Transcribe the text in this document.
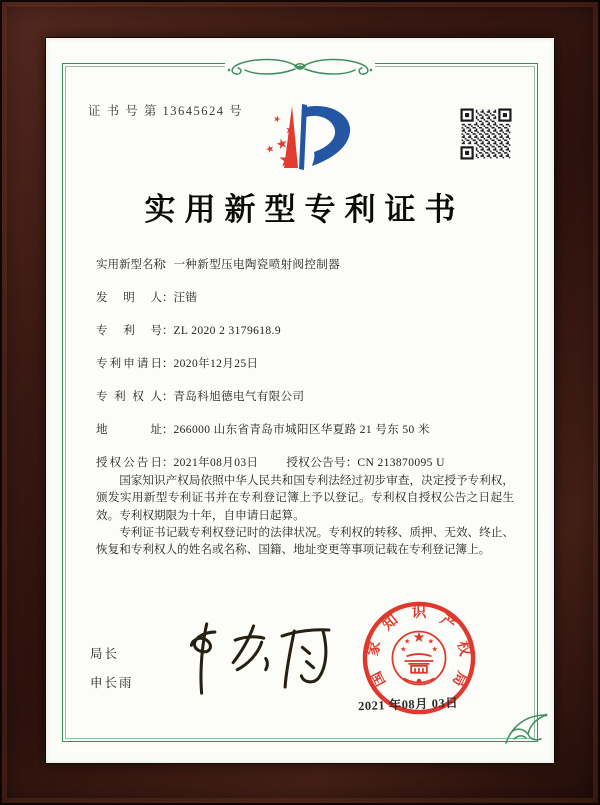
证 书 号 第 13645624 号
实用新型专利证书
实用新型名称：一种新型压电陶瓷喷射阀控制器
发明人：汪锴
专利号：ZL 2020 2 3179618.9
专利申请日：2020年12月25日
专利权人：青岛科旭德电气有限公司
地址：266000 山东省青岛市城阳区华夏路 21 号东 50 米
授权公告日：2021年08月03日 授权公告号：CN 213870095 U

国家知识产权局依照中华人民共和国专利法经过初步审查，决定授予专利权，颁发实用新型专利证书并在专利登记簿上予以登记。专利权自授权公告之日起生效。专利权期限为十年，自申请日起算。

专利证书记载专利权登记时的法律状况。专利权的转移、质押、无效、终止、恢复和专利权人的姓名或名称、国籍、地址变更等事项记载在专利登记簿上。

局长
申长雨	国
家
知 识 产
权
局
2021 年08月 03日
